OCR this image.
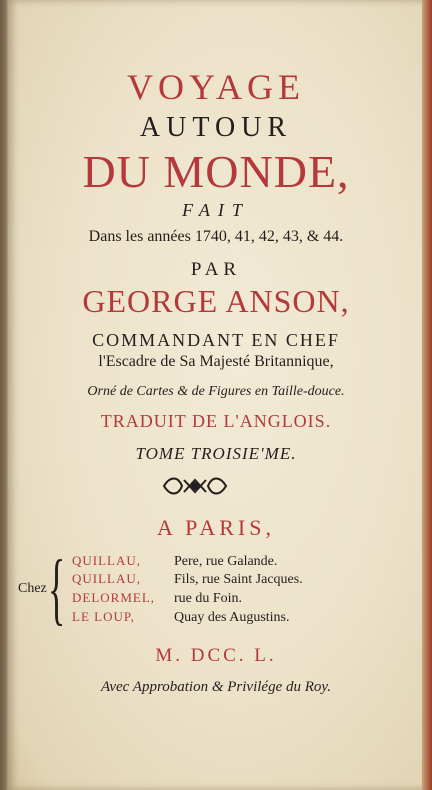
VOYAGE
AUTOUR
DU MONDE,
FAIT
Dans les années 1740, 41, 42, 43, & 44.
PAR
GEORGE ANSON,
COMMANDANT EN CHEF
l'Escadre de Sa Majesté Britannique,
Orné de Cartes & de Figures en Taille-douce.
TRADUIT DE L'ANGLOIS.
TOME TROISIE'ME.
A PARIS,
Chez { QUILLAU, Pere, rue Galande.
QUILLAU, Fils, rue Saint Jacques.
DELORMEL, rue du Foin.
LE LOUP,	Quay des Augustins.
M. DCC. L.
Avec Approbation & Privilége du Roy.
